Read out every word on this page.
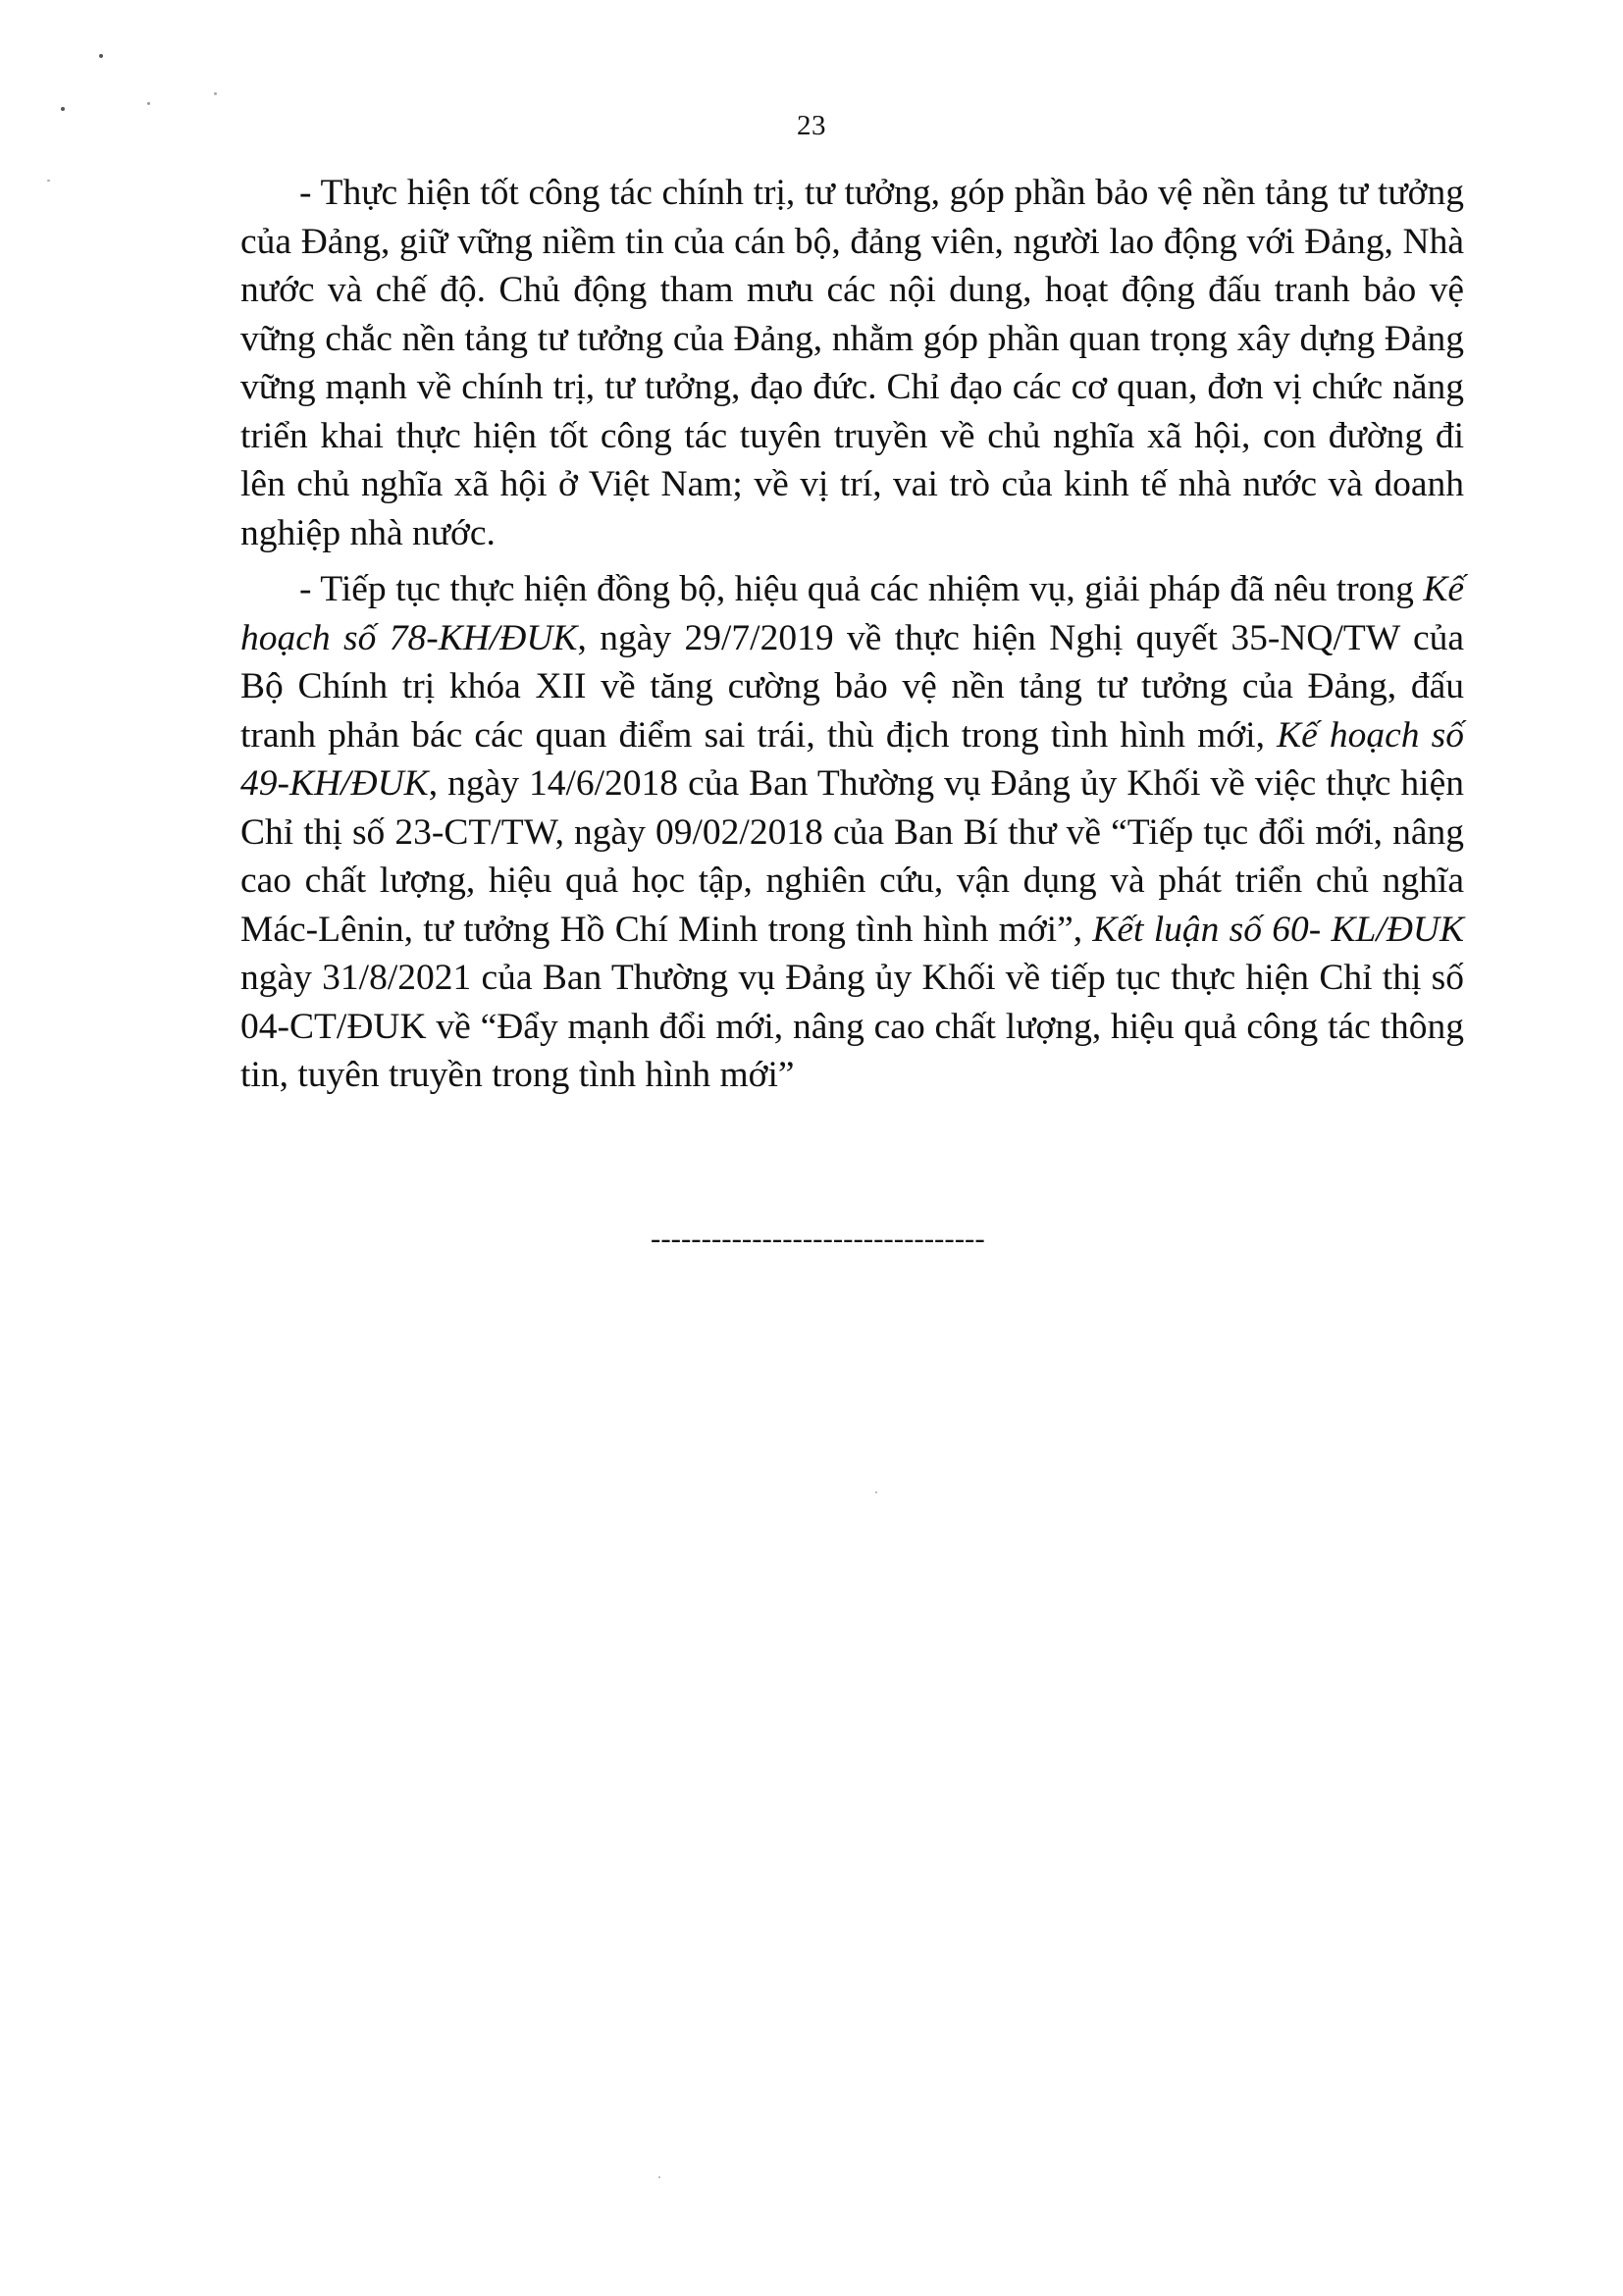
23

- Thực hiện tốt công tác chính trị, tư tưởng, góp phần bảo vệ nền tảng tư tưởng của Đảng, giữ vững niềm tin của cán bộ, đảng viên, người lao động với Đảng, Nhà nước và chế độ. Chủ động tham mưu các nội dung, hoạt động đấu tranh bảo vệ vững chắc nền tảng tư tưởng của Đảng, nhằm góp phần quan trọng xây dựng Đảng vững mạnh về chính trị, tư tưởng, đạo đức. Chỉ đạo các cơ quan, đơn vị chức năng triển khai thực hiện tốt công tác tuyên truyền về chủ nghĩa xã hội, con đường đi lên chủ nghĩa xã hội ở Việt Nam; về vị trí, vai trò của kinh tế nhà nước và doanh nghiệp nhà nước.

- Tiếp tục thực hiện đồng bộ, hiệu quả các nhiệm vụ, giải pháp đã nêu trong Kế hoạch số 78-KH/ĐUK, ngày 29/7/2019 về thực hiện Nghị quyết 35-NQ/TW của Bộ Chính trị khóa XII về tăng cường bảo vệ nền tảng tư tưởng của Đảng, đấu tranh phản bác các quan điểm sai trái, thù địch trong tình hình mới, Kế hoạch số 49-KH/ĐUK, ngày 14/6/2018 của Ban Thường vụ Đảng ủy Khối về việc thực hiện Chỉ thị số 23-CT/TW, ngày 09/02/2018 của Ban Bí thư về “Tiếp tục đổi mới, nâng cao chất lượng, hiệu quả học tập, nghiên cứu, vận dụng và phát triển chủ nghĩa Mác-Lênin, tư tưởng Hồ Chí Minh trong tình hình mới”, Kết luận số 60- KL/ĐUK ngày 31/8/2021 của Ban Thường vụ Đảng ủy Khối về tiếp tục thực hiện Chỉ thị số 04-CT/ĐUK về “Đẩy mạnh đổi mới, nâng cao chất lượng, hiệu quả công tác thông tin, tuyên truyền trong tình hình mới”

---------------------------------
